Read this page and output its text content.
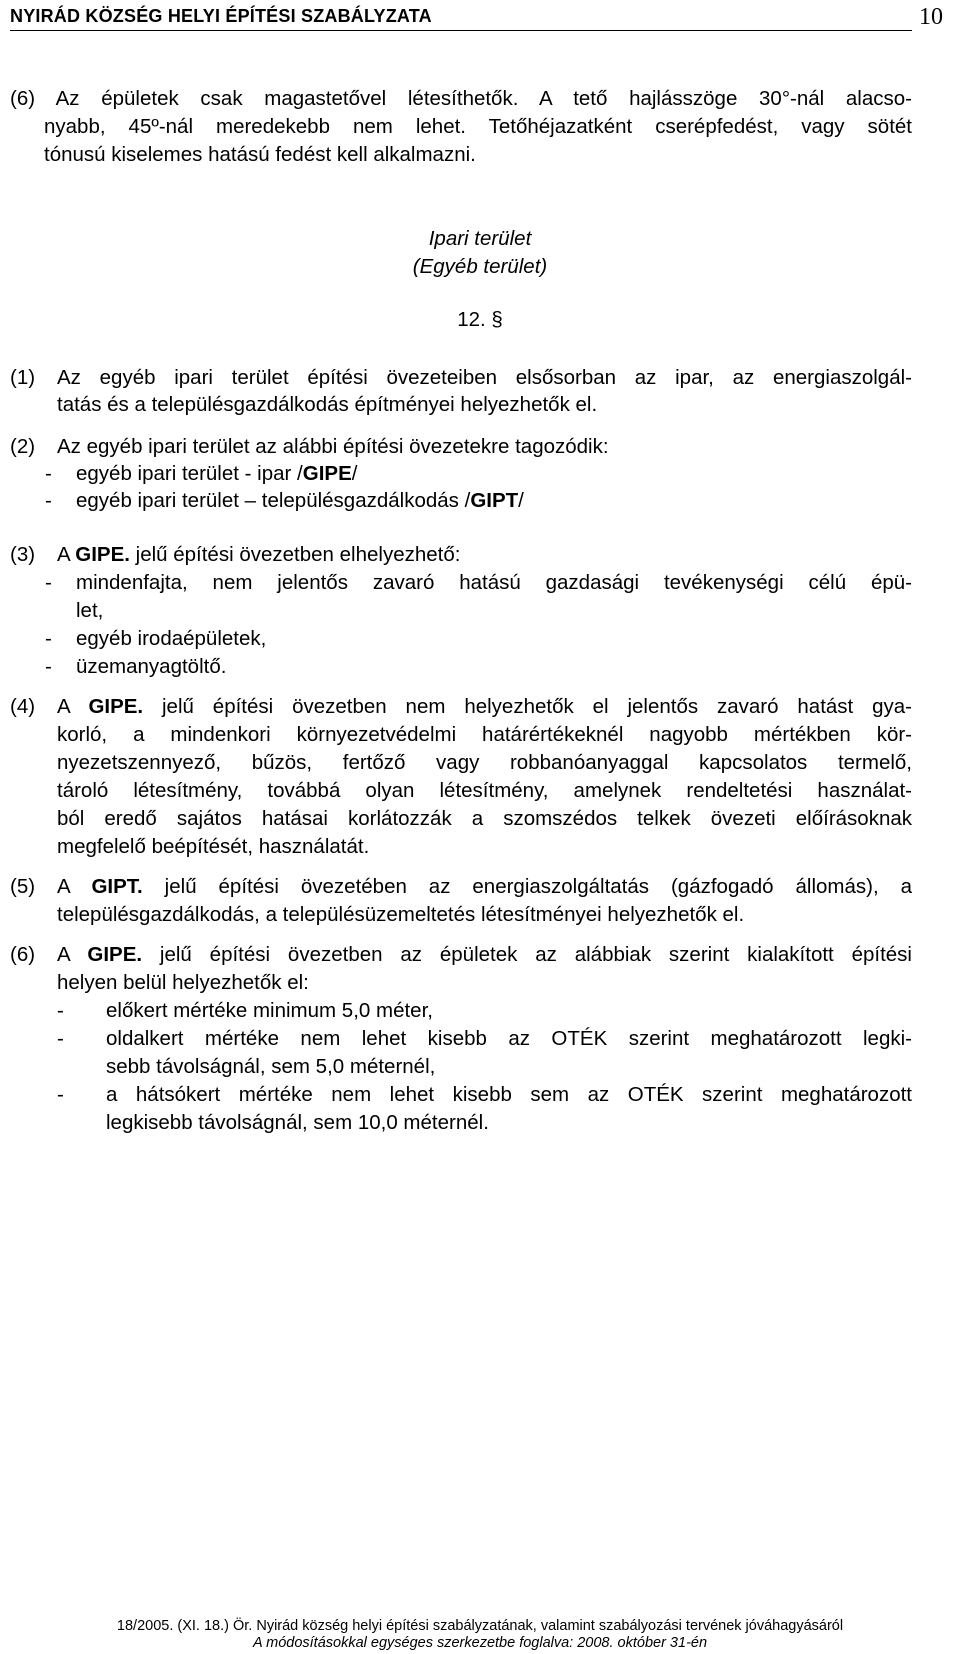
NYIRÁD KÖZSÉG HELYI ÉPÍTÉSI SZABÁLYZATA	10
(6) Az épületek csak magastetővel létesíthetők. A tető hajlásszöge 30°-nál alacso-
nyabb, 45º-nál meredekebb nem lehet. Tetőhéjazatként cserépfedést, vagy sötét
tónusú kiselemes hatású fedést kell alkalmazni.
Ipari terület
(Egyéb terület)
12. §
(1) Az egyéb ipari terület építési övezeteiben elsősorban az ipar, az energiaszolgál-
tatás és a településgazdálkodás építményei helyezhetők el.
(2) Az egyéb ipari terület az alábbi építési övezetekre tagozódik:
- egyéb ipari terület - ipar /GIPE/
- egyéb ipari terület – településgazdálkodás /GIPT/
(3) A GIPE. jelű építési övezetben elhelyezhető:
- mindenfajta, nem jelentős zavaró hatású gazdasági tevékenységi célú épü-
let,
- egyéb irodaépületek,
- üzemanyagtöltő.
(4) A GIPE. jelű építési övezetben nem helyezhetők el jelentős zavaró hatást gya-
korló, a mindenkori környezetvédelmi határértékeknél nagyobb mértékben kör-
nyezetszennyező, bűzös, fertőző vagy robbanóanyaggal kapcsolatos termelő,
tároló létesítmény, továbbá olyan létesítmény, amelynek rendeltetési használat-
ból eredő sajátos hatásai korlátozzák a szomszédos telkek övezeti előírásoknak
megfelelő beépítését, használatát.
(5) A GIPT. jelű építési övezetében az energiaszolgáltatás (gázfogadó állomás), a
településgazdálkodás, a településüzemeltetés létesítményei helyezhetők el.
(6) A GIPE. jelű építési övezetben az épületek az alábbiak szerint kialakított építési
helyen belül helyezhetők el:
- előkert mértéke minimum 5,0 méter,
- oldalkert mértéke nem lehet kisebb az OTÉK szerint meghatározott legki-
sebb távolságnál, sem 5,0 méternél,
- a hátsókert mértéke nem lehet kisebb sem az OTÉK szerint meghatározott
legkisebb távolságnál, sem 10,0 méternél.
18/2005. (XI. 18.) Ör. Nyirád község helyi építési szabályzatának, valamint szabályozási tervének jóváhagyásáról
A módosításokkal egységes szerkezetbe foglalva: 2008. október 31-én
